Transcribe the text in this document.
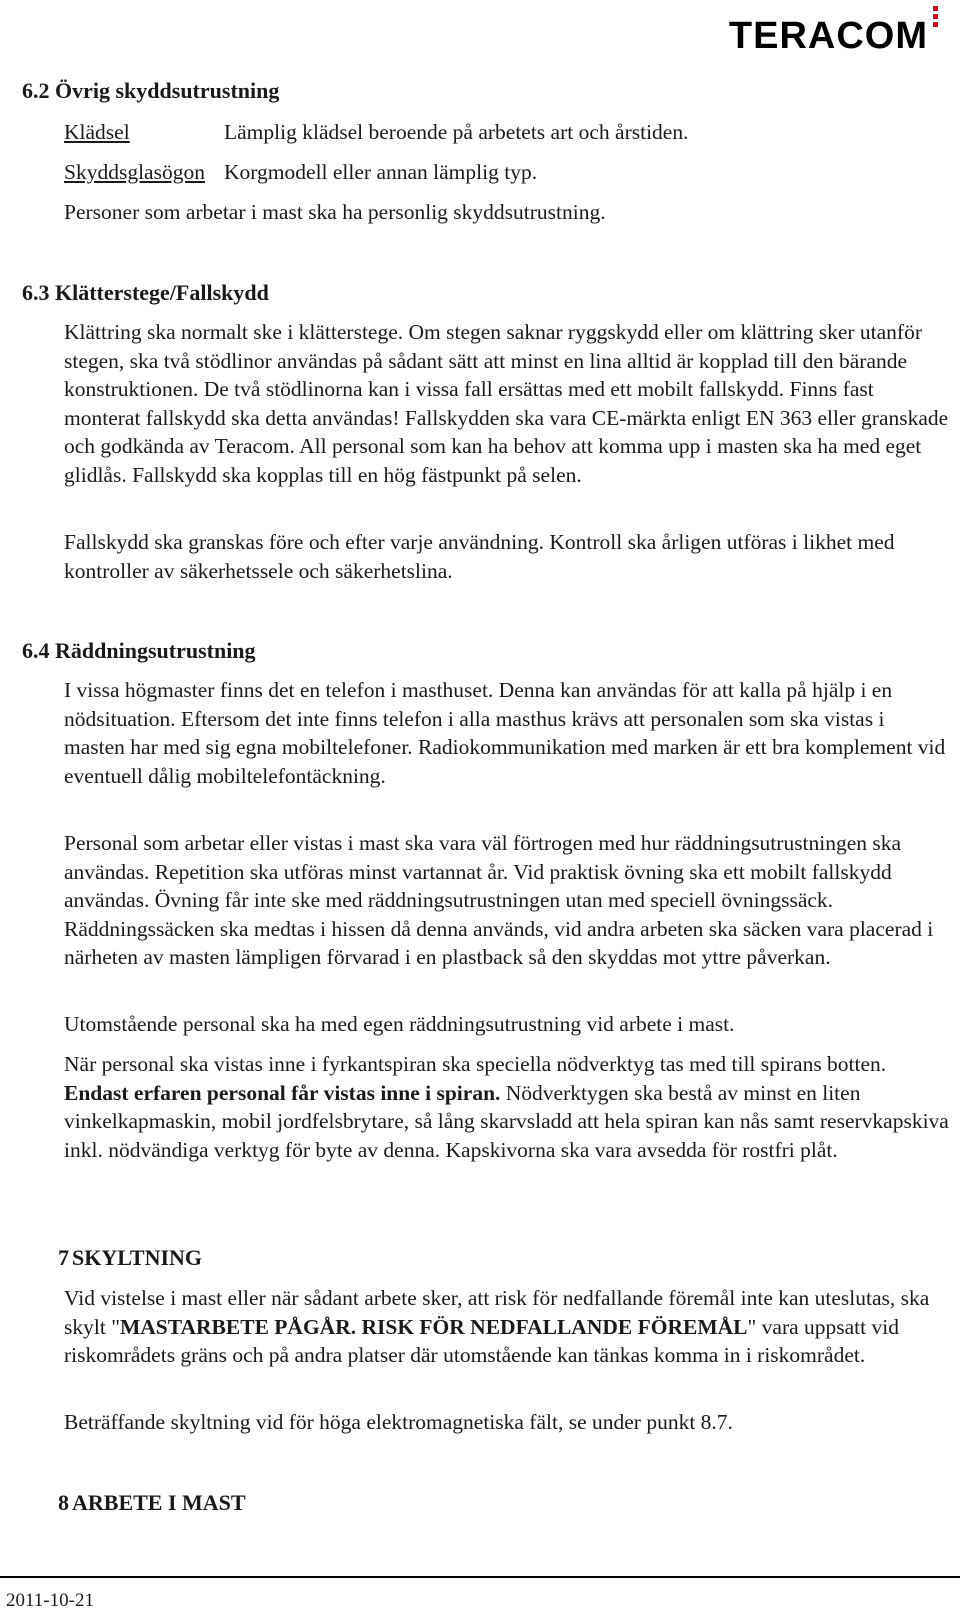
TERACOM
6.2 Övrig skyddsutrustning
Klädsel	Lämplig klädsel beroende på arbetets art och årstiden.
Skyddsglasögon Korgmodell eller annan lämplig typ.

Personer som arbetar i mast ska ha personlig skyddsutrustning.

6.3 Klätterstege/Fallskydd

Klättring ska normalt ske i klätterstege. Om stegen saknar ryggskydd eller om klättring sker utanför stegen, ska två stödlinor användas på sådant sätt att minst en lina alltid är kopplad till den bärande konstruktionen. De två stödlinorna kan i vissa fall ersättas med ett mobilt fallskydd. Finns fast monterat fallskydd ska detta användas! Fallskydden ska vara CE-märkta enligt EN 363 eller granskade och godkända av Teracom. All personal som kan ha behov att komma upp i masten ska ha med eget glidlås. Fallskydd ska kopplas till en hög fästpunkt på selen.

Fallskydd ska granskas före och efter varje användning. Kontroll ska årligen utföras i likhet med kontroller av säkerhetssele och säkerhetslina.

6.4 Räddningsutrustning

I vissa högmaster finns det en telefon i masthuset. Denna kan användas för att kalla på hjälp i en nödsituation. Eftersom det inte finns telefon i alla masthus krävs att personalen som ska vistas i masten har med sig egna mobiltelefoner. Radiokommunikation med marken är ett bra komplement vid eventuell dålig mobiltelefontäckning.

Personal som arbetar eller vistas i mast ska vara väl förtrogen med hur räddningsutrustningen ska användas. Repetition ska utföras minst vartannat år. Vid praktisk övning ska ett mobilt fallskydd användas. Övning får inte ske med räddningsutrustningen utan med speciell övningssäck. Räddningssäcken ska medtas i hissen då denna används, vid andra arbeten ska säcken vara placerad i närheten av masten lämpligen förvarad i en plastback så den skyddas mot yttre påverkan.

Utomstående personal ska ha med egen räddningsutrustning vid arbete i mast.

När personal ska vistas inne i fyrkantspiran ska speciella nödverktyg tas med till spirans botten. Endast erfaren personal får vistas inne i spiran. Nödverktygen ska bestå av minst en liten vinkelkapmaskin, mobil jordfelsbrytare, så lång skarvsladd att hela spiran kan nås samt reservkapskiva inkl. nödvändiga verktyg för byte av denna. Kapskivorna ska vara avsedda för rostfri plåt.

7 SKYLTNING

Vid vistelse i mast eller när sådant arbete sker, att risk för nedfallande föremål inte kan uteslutas, ska skylt "MASTARBETE PÅGÅR. RISK FÖR NEDFALLANDE FÖREMÅL" vara uppsatt vid riskområdets gräns och på andra platser där utomstående kan tänkas komma in i riskområdet.

Beträffande skyltning vid för höga elektromagnetiska fält, se under punkt 8.7.

8 ARBETE I MAST
2011-10-21
